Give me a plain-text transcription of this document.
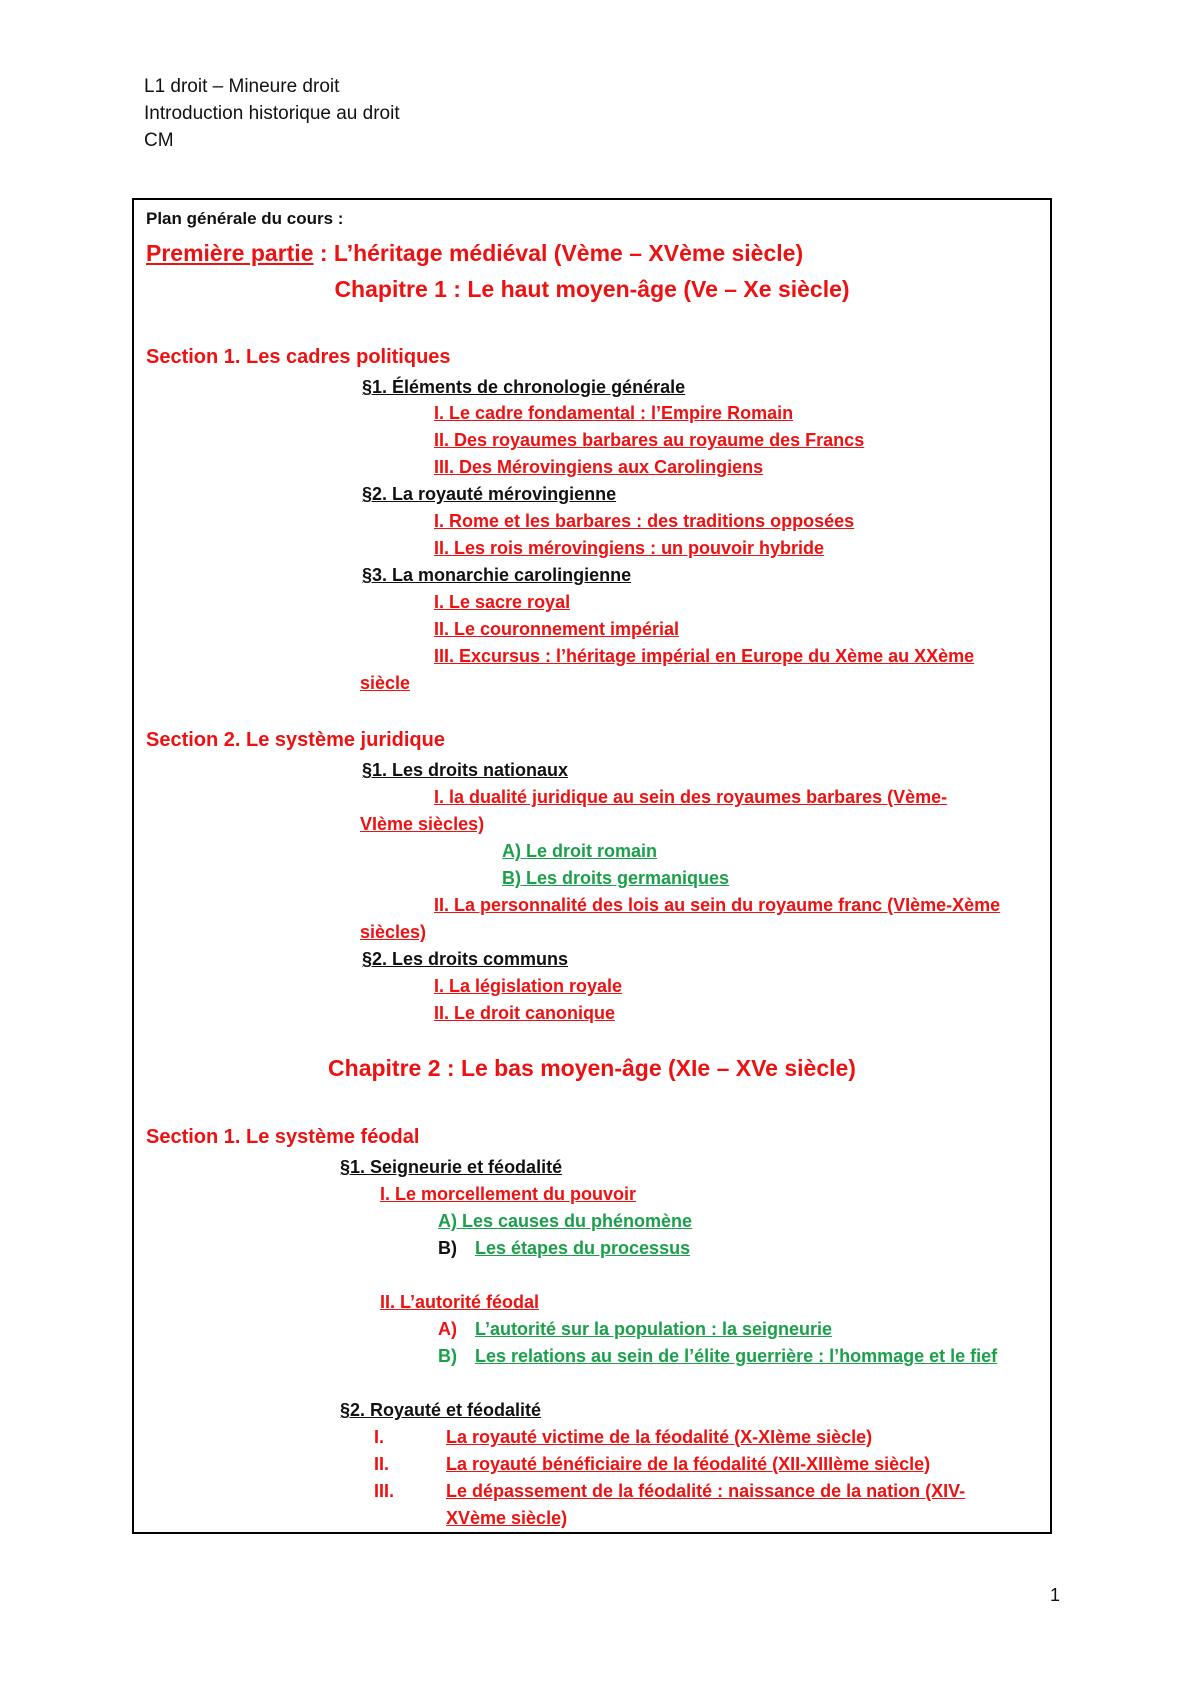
L1 droit – Mineure droit
Introduction historique au droit
CM
Plan générale du cours :
Première partie : L’héritage médiéval (Vème – XVème siècle)
Chapitre 1 : Le haut moyen-âge (Ve – Xe siècle)
Section 1. Les cadres politiques
§1. Éléments de chronologie générale
I. Le cadre fondamental : l’Empire Romain
II. Des royaumes barbares au royaume des Francs
III. Des Mérovingiens aux Carolingiens
§2. La royauté mérovingienne
I. Rome et les barbares : des traditions opposées
II. Les rois mérovingiens : un pouvoir hybride
§3. La monarchie carolingienne
I. Le sacre royal
II. Le couronnement impérial
III. Excursus : l’héritage impérial en Europe du Xème au XXème
siècle
Section 2. Le système juridique
§1. Les droits nationaux
I. la dualité juridique au sein des royaumes barbares (Vème-
VIème siècles)
A) Le droit romain
B) Les droits germaniques
II. La personnalité des lois au sein du royaume franc (VIème-Xème
siècles)
§2. Les droits communs
I. La législation royale
II. Le droit canonique
Chapitre 2 : Le bas moyen-âge (XIe – XVe siècle)
Section 1. Le système féodal
§1. Seigneurie et féodalité
I. Le morcellement du pouvoir
A) Les causes du phénomène
B) Les étapes du processus
II. L’autorité féodal
A) L’autorité sur la population : la seigneurie
B) Les relations au sein de l’élite guerrière : l’hommage et le fief
§2. Royauté et féodalité
I.	La royauté victime de la féodalité (X-XIème siècle)
II.	La royauté bénéficiaire de la féodalité (XII-XIIIème siècle)
III.	Le dépassement de la féodalité : naissance de la nation (XIV-
XVème siècle)
1
